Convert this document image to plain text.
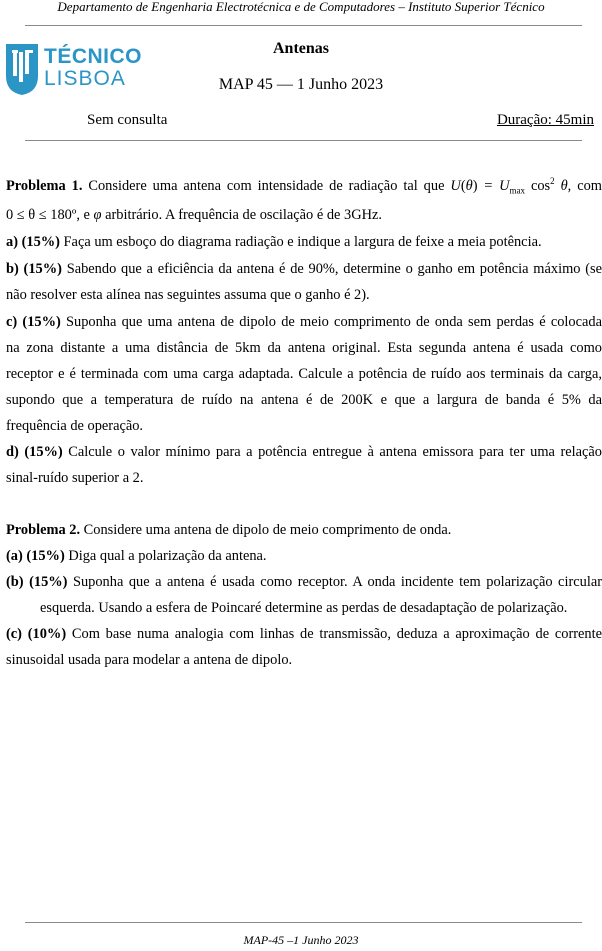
Departamento de Engenharia Electrotécnica e de Computadores – Instituto Superior Técnico
TÉCNICO
LISBOA
Antenas
MAP 45 — 1 Junho 2023
Sem consulta	Duração: 45min
Problema 1. Considere uma antena com intensidade de radiação tal que $U(\theta) = U_{max}$ $\cos^2 \theta$, com
0 ≤ θ ≤ 180º, e φ arbitrário. A frequência de oscilação é de 3GHz.
a) (15%) Faça um esboço do diagrama radiação e indique a largura de feixe a meia potência.
b) (15%) Sabendo que a eficiência da antena é de 90%, determine o ganho em potência máximo (se
não resolver esta alínea nas seguintes assuma que o ganho é 2).
c) (15%) Suponha que uma antena de dipolo de meio comprimento de onda sem perdas é colocada
na zona distante a uma distância de 5km da antena original. Esta segunda antena é usada como
receptor e é terminada com uma carga adaptada. Calcule a potência de ruído aos terminais da carga,
supondo que a temperatura de ruído na antena é de 200K e que a largura de banda é 5% da
frequência de operação.
d) (15%) Calcule o valor mínimo para a potência entregue à antena emissora para ter uma relação
sinal-ruído superior a 2.
Problema 2. Considere uma antena de dipolo de meio comprimento de onda.
(a) (15%) Diga qual a polarização da antena.
(b) (15%) Suponha que a antena é usada como receptor. A onda incidente tem polarização circular
esquerda. Usando a esfera de Poincaré determine as perdas de desadaptação de polarização.
(c) (10%) Com base numa analogia com linhas de transmissão, deduza a aproximação de corrente
sinusoidal usada para modelar a antena de dipolo.
MAP-45 –1 Junho 2023
